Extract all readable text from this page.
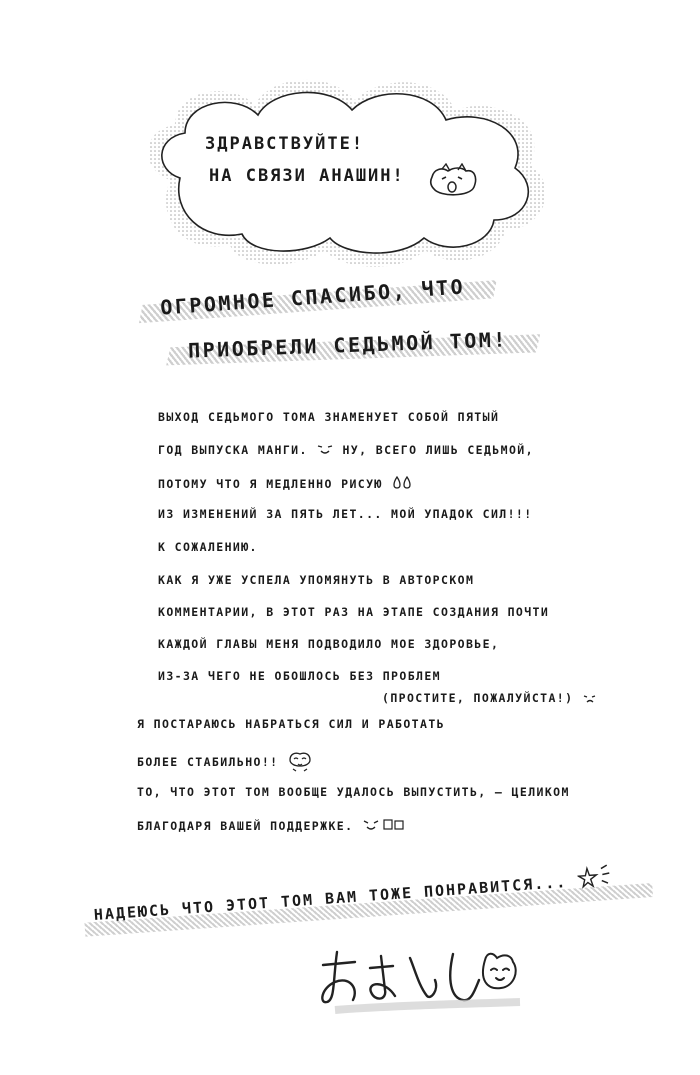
ЗДРАВСТВУЙТЕ!
НА СВЯЗИ АНАШИН!
ОГРОМНОЕ СПАСИБО, ЧТО
ПРИОБРЕЛИ СЕДЬМОЙ ТОМ!
ВЫХОД СЕДЬМОГО ТОМА ЗНАМЕНУЕТ СОБОЙ ПЯТЫЙ
ГОД ВЫПУСКА МАНГИ.	НУ, ВСЕГО ЛИШЬ СЕДЬМОЙ,
ПОТОМУ ЧТО Я МЕДЛЕННО РИСУЮ
ИЗ ИЗМЕНЕНИЙ ЗА ПЯТЬ ЛЕТ... МОЙ УПАДОК СИЛ!!!
К СОЖАЛЕНИЮ.
КАК Я УЖЕ УСПЕЛА УПОМЯНУТЬ В АВТОРСКОМ
КОММЕНТАРИИ, В ЭТОТ РАЗ НА ЭТАПЕ СОЗДАНИЯ ПОЧТИ
КАЖДОЙ ГЛАВЫ МЕНЯ ПОДВОДИЛО МОЕ ЗДОРОВЬЕ,
ИЗ-ЗА ЧЕГО НЕ ОБОШЛОСЬ БЕЗ ПРОБЛЕМ
(ПРОСТИТЕ, ПОЖАЛУЙСТА!)
Я ПОСТАРАЮСЬ НАБРАТЬСЯ СИЛ И РАБОТАТЬ
БОЛЕЕ СТАБИЛЬНО!!
ТО, ЧТО ЭТОТ ТОМ ВООБЩЕ УДАЛОСЬ ВЫПУСТИТЬ, — ЦЕЛИКОМ
БЛАГОДАРЯ ВАШЕЙ ПОДДЕРЖКЕ.
НАДЕЮСЬ ЧТО ЭТОТ ТОМ ВАМ ТОЖЕ ПОНРАВИТСЯ...
